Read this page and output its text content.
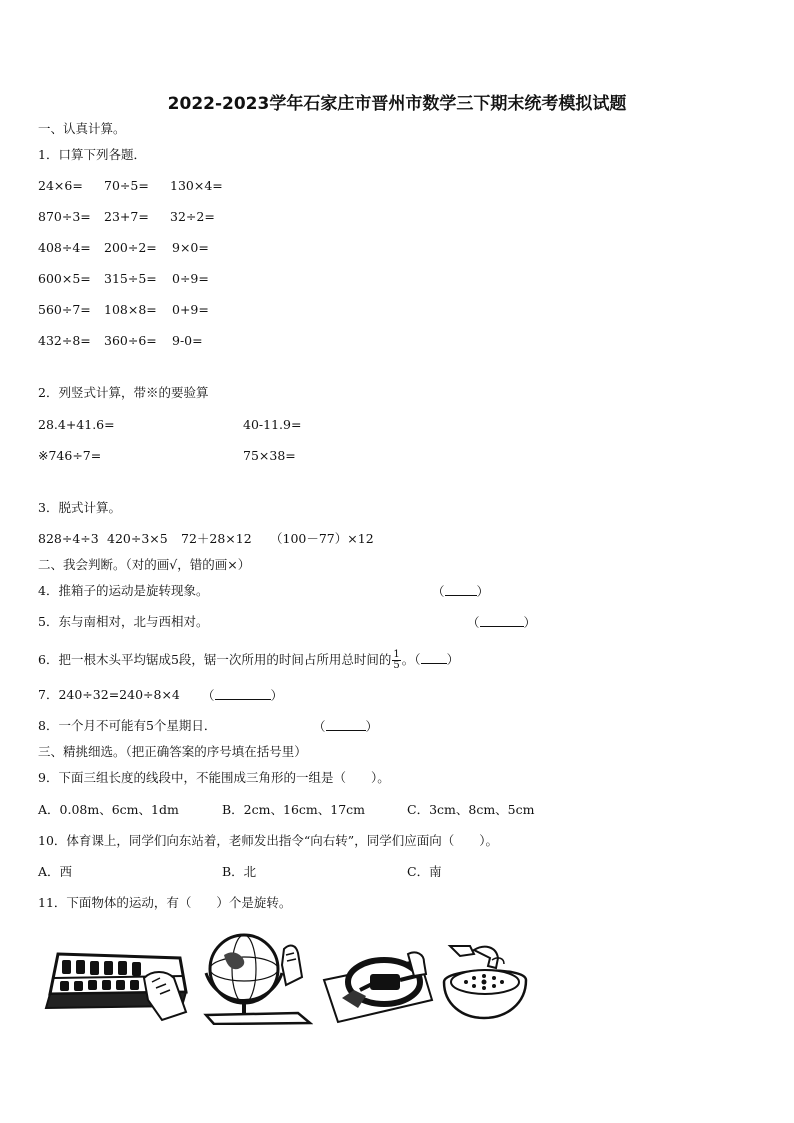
2022-2023学年石家庄市晋州市数学三下期末统考模拟试题
一、认真计算。
1．口算下列各题．
24×6= 70÷5= 130×4=
870÷3= 23+7= 32÷2=
408÷4= 200÷2= 9×0=
600×5= 315÷5= 0÷9=
560÷7= 108×8= 0+9=
432÷8= 360÷6= 9-0=
2．列竖式计算，带※的要验算
28.4+41.6=	40-11.9=
※746÷7=	75×38=
3．脱式计算。
828÷4÷3 420÷3×5 72＋28×12 （100－77）×12
二、我会判断。（对的画√，错的画×）
4．推箱子的运动是旋转现象。	（	）
5．东与南相对，北与西相对。	（	）
6．把一根木头平均锯成5段，锯一次所用的时间占所用总时间的 $\frac{1}{5}$ 。（ ）
7．240÷32=240÷8×4 （	）
8．一个月不可能有5个星期日．	（	）
三、精挑细选。（把正确答案的序号填在括号里）
9．下面三组长度的线段中，不能围成三角形的一组是（　　）。
A．0.08m、6cm、1dm	B．2cm、16cm、17cm	C．3cm、8cm、5cm
10．体育课上，同学们向东站着，老师发出指令“向右转”，同学们应面向（　　）。
A．西	B．北	C．南
11．下面物体的运动，有（　　）个是旋转。
